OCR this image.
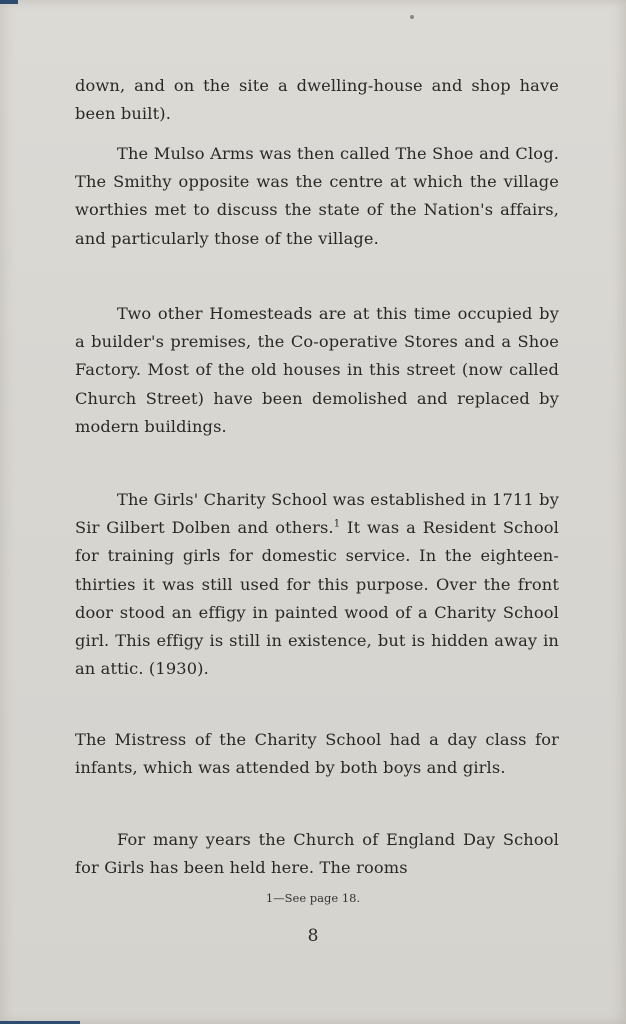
down, and on the site a dwelling-house and shop have been built).

The Mulso Arms was then called The Shoe and Clog. The Smithy opposite was the centre at which the village worthies met to discuss the state of the Nation's affairs, and particularly those of the village.

Two other Homesteads are at this time occupied by a builder's premises, the Co-operative Stores and a Shoe Factory. Most of the old houses in this street (now called Church Street) have been demolished and replaced by modern buildings.

The Girls' Charity School was established in 1711 by Sir Gilbert Dolben and others.$^1$ It was a Resident School for training girls for domestic service. In the eighteen-thirties it was still used for this purpose. Over the front door stood an effigy in painted wood of a Charity School girl. This effigy is still in existence, but is hidden away in an attic. (1930).

The Mistress of the Charity School had a day class for infants, which was attended by both boys and girls.

For many years the Church of England Day School for Girls has been held here. The rooms

1—See page 18.
8
